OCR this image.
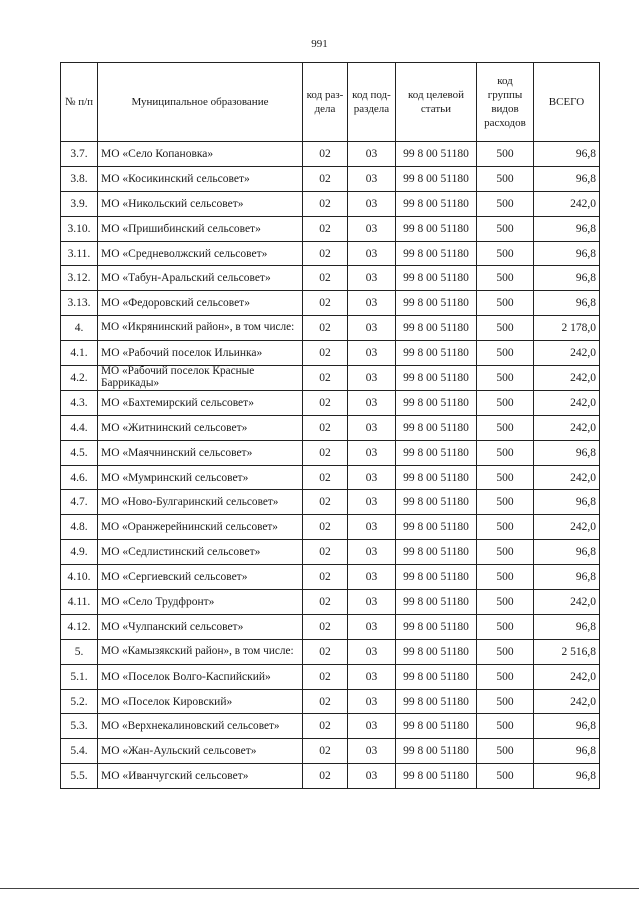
991
№ п/п	Муниципальное образование	код раз-дела	код под-раздела	код целевой статьи	код группы видов расходов	ВСЕГО
3.7.	МО «Село Копановка»	02	03	99 8 00 51180	500	96,8
3.8.	МО «Косикинский сельсовет»	02	03	99 8 00 51180	500	96,8
3.9.	МО «Никольский сельсовет»	02	03	99 8 00 51180	500	242,0
3.10.	МО «Пришибинский сельсовет»	02	03	99 8 00 51180	500	96,8
3.11.	МО «Средневолжский сельсовет»	02	03	99 8 00 51180	500	96,8
3.12.	МО «Табун-Аральский сельсовет»	02	03	99 8 00 51180	500	96,8
3.13.	МО «Федоровский сельсовет»	02	03	99 8 00 51180	500	96,8
4.	МО «Икрянинский район», в том числе:	02	03	99 8 00 51180	500	2 178,0
4.1.	МО «Рабочий поселок Ильинка»	02	03	99 8 00 51180	500	242,0
4.2.	МО «Рабочий поселок Красные Баррикады»	02	03	99 8 00 51180	500	242,0
4.3.	МО «Бахтемирский сельсовет»	02	03	99 8 00 51180	500	242,0
4.4.	МО «Житнинский сельсовет»	02	03	99 8 00 51180	500	242,0
4.5.	МО «Маячнинский сельсовет»	02	03	99 8 00 51180	500	96,8
4.6.	МО «Мумринский сельсовет»	02	03	99 8 00 51180	500	242,0
4.7.	МО «Ново-Булгаринский сельсовет»	02	03	99 8 00 51180	500	96,8
4.8.	МО «Оранжерейнинский сельсовет»	02	03	99 8 00 51180	500	242,0
4.9.	МО «Седлистинский сельсовет»	02	03	99 8 00 51180	500	96,8
4.10.	МО «Сергиевский сельсовет»	02	03	99 8 00 51180	500	96,8
4.11.	МО «Село Трудфронт»	02	03	99 8 00 51180	500	242,0
4.12.	МО «Чулпанский сельсовет»	02	03	99 8 00 51180	500	96,8
5.	МО «Камызякский район», в том числе:	02	03	99 8 00 51180	500	2 516,8
5.1.	МО «Поселок Волго-Каспийский»	02	03	99 8 00 51180	500	242,0
5.2.	МО «Поселок Кировский»	02	03	99 8 00 51180	500	242,0
5.3.	МО «Верхнекалиновский сельсовет»	02	03	99 8 00 51180	500	96,8
5.4.	МО «Жан-Аульский сельсовет»	02	03	99 8 00 51180	500	96,8
5.5.	МО «Иванчугский сельсовет»	02	03	99 8 00 51180	500	96,8
